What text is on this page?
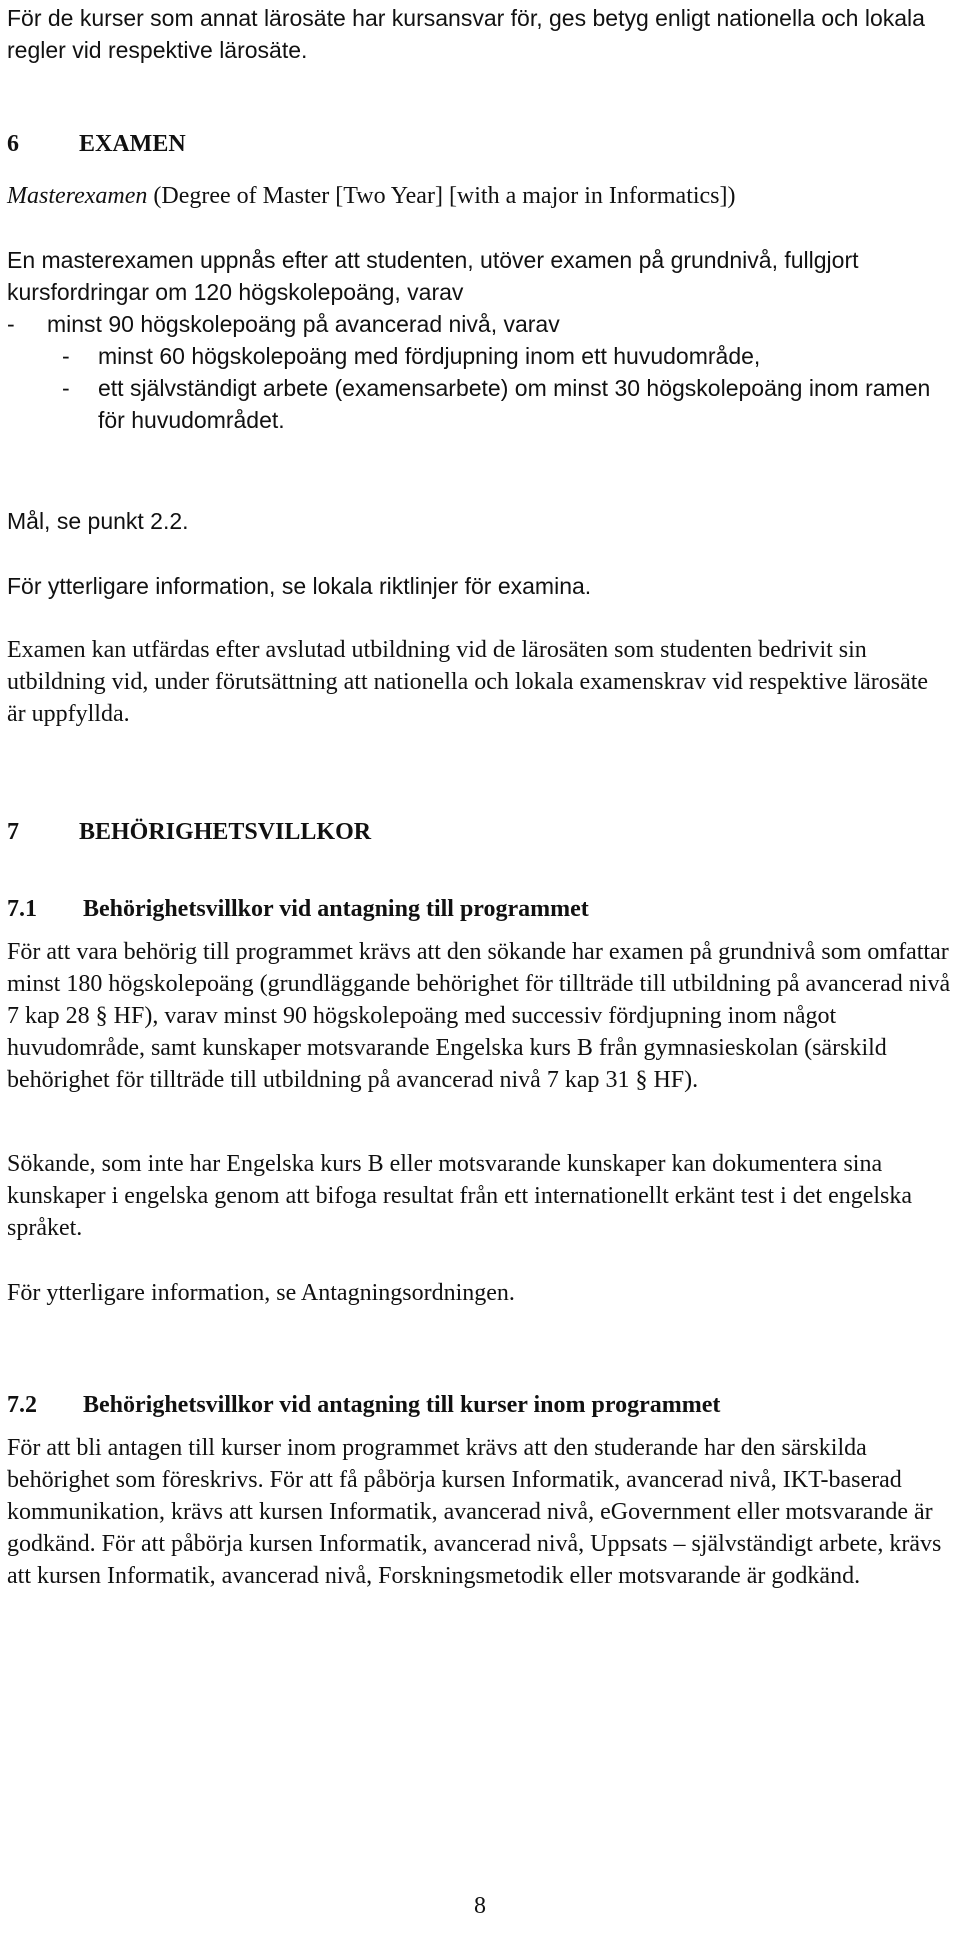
För de kurser som annat lärosäte har kursansvar för, ges betyg enligt nationella och lokala regler vid respektive lärosäte.

6	EXAMEN

Masterexamen (Degree of Master [Two Year] [with a major in Informatics])

En masterexamen uppnås efter att studenten, utöver examen på grundnivå, fullgjort kursfordringar om 120 högskolepoäng, varav

- minst 90 högskolepoäng på avancerad nivå, varav
- minst 60 högskolepoäng med fördjupning inom ett huvudområde,
- ett självständigt arbete (examensarbete) om minst 30 högskolepoäng inom ramen för huvudområdet.

Mål, se punkt 2.2.

För ytterligare information, se lokala riktlinjer för examina.

Examen kan utfärdas efter avslutad utbildning vid de lärosäten som studenten bedrivit sin utbildning vid, under förutsättning att nationella och lokala examenskrav vid respektive lärosäte är uppfyllda.

7	BEHÖRIGHETSVILLKOR
7.1 Behörighetsvillkor vid antagning till programmet

För att vara behörig till programmet krävs att den sökande har examen på grundnivå som omfattar minst 180 högskolepoäng (grundläggande behörighet för tillträde till utbildning på avancerad nivå 7 kap 28 § HF), varav minst 90 högskolepoäng med successiv fördjupning inom något huvudområde, samt kunskaper motsvarande Engelska kurs B från gymnasieskolan (särskild behörighet för tillträde till utbildning på avancerad nivå 7 kap 31 § HF).

Sökande, som inte har Engelska kurs B eller motsvarande kunskaper kan dokumentera sina kunskaper i engelska genom att bifoga resultat från ett internationellt erkänt test i det engelska språket.

För ytterligare information, se Antagningsordningen.

7.2 Behörighetsvillkor vid antagning till kurser inom programmet

För att bli antagen till kurser inom programmet krävs att den studerande har den särskilda behörighet som föreskrivs. För att få påbörja kursen Informatik, avancerad nivå, IKT-baserad kommunikation, krävs att kursen Informatik, avancerad nivå, eGovernment eller motsvarande är godkänd. För att påbörja kursen Informatik, avancerad nivå, Uppsats – självständigt arbete, krävs att kursen Informatik, avancerad nivå, Forskningsmetodik eller motsvarande är godkänd.

8
